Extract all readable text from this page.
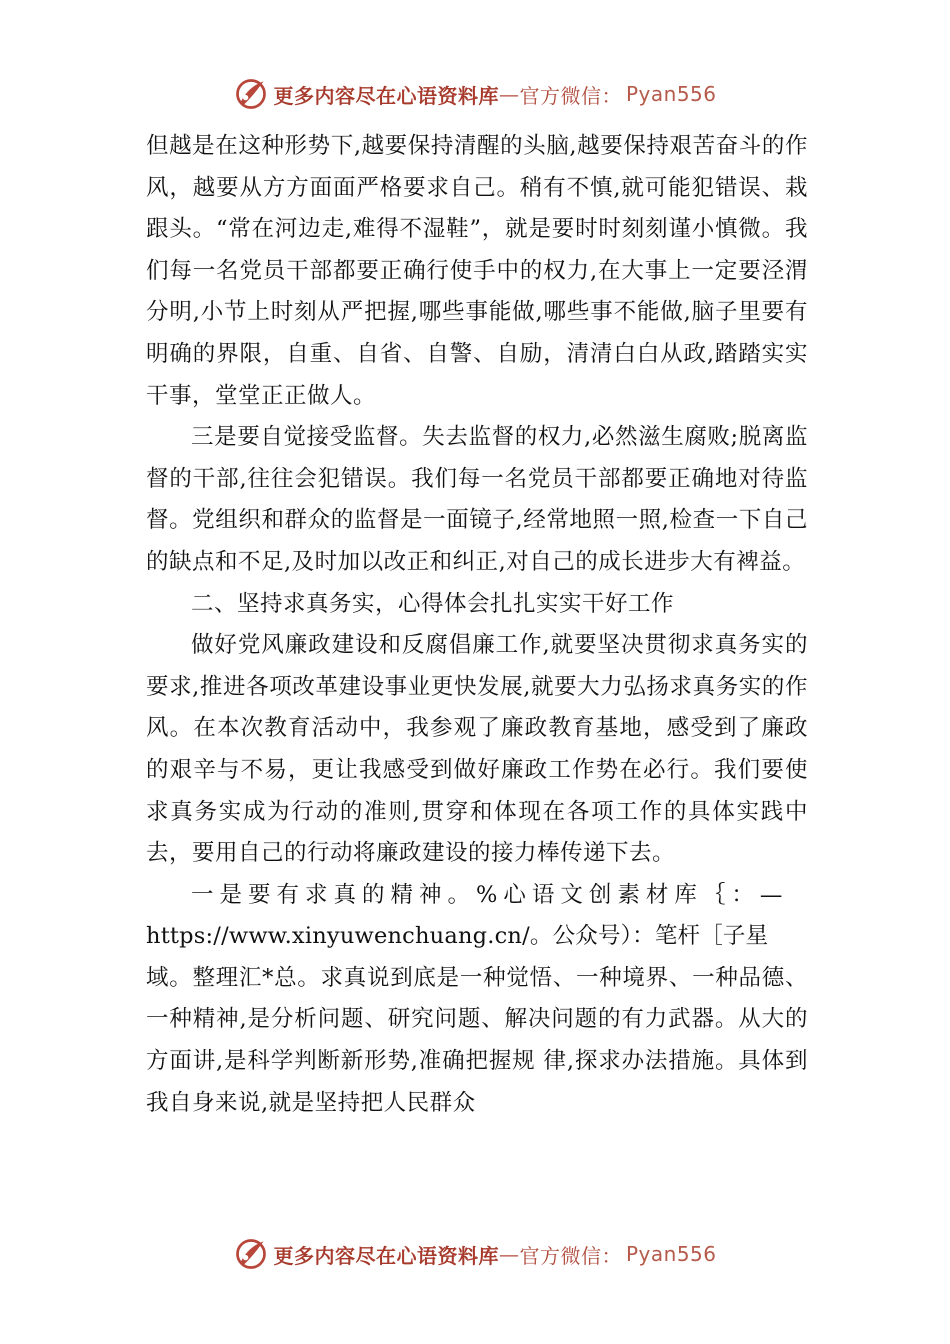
更多内容尽在心语资料库 — 官方微信： Pyan556

但越是在这种形势下,越要保持清醒的头脑,越要保持艰苦奋斗的作风，越要从方方面面严格要求自己。稍有不慎,就可能犯错误、栽跟头。“常在河边走,难得不湿鞋”，就是要时时刻刻谨小慎微。我们每一名党员干部都要正确行使手中的权力,在大事上一定要泾渭分明,小节上时刻从严把握,哪些事能做,哪些事不能做,脑子里要有明确的界限，自重、自省、自警、自励，清清白白从政,踏踏实实干事，堂堂正正做人。

三是要自觉接受监督。失去监督的权力,必然滋生腐败;脱离监督的干部,往往会犯错误。我们每一名党员干部都要正确地对待监督。党组织和群众的监督是一面镜子,经常地照一照,检查一下自己的缺点和不足,及时加以改正和纠正,对自己的成长进步大有裨益。

二、坚持求真务实，心得体会扎扎实实干好工作

做好党风廉政建设和反腐倡廉工作,就要坚决贯彻求真务实的要求,推进各项改革建设事业更快发展,就要大力弘扬求真务实的作风。在本次教育活动中，我参观了廉政教育基地，感受到了廉政的艰辛与不易，更让我感受到做好廉政工作势在必行。我们要使求真务实成为行动的准则,贯穿和体现在各项工作的具体实践中去，要用自己的行动将廉政建设的接力棒传递下去。

一是要有求真的精神。%心语文创素材库｛：—
https://www.xinyuwenchuang.cn/。公众号）：笔杆［子星

域。整理汇*总。求真说到底是一种觉悟、一种境界、一种品德、一种精神,是分析问题、研究问题、解决问题的有力武器。从大的方面讲,是科学判断新形势,准确把握规 律,探求办法措施。具体到我自身来说,就是坚持把人民群众

更多内容尽在心语资料库 — 官方微信： Pyan556
